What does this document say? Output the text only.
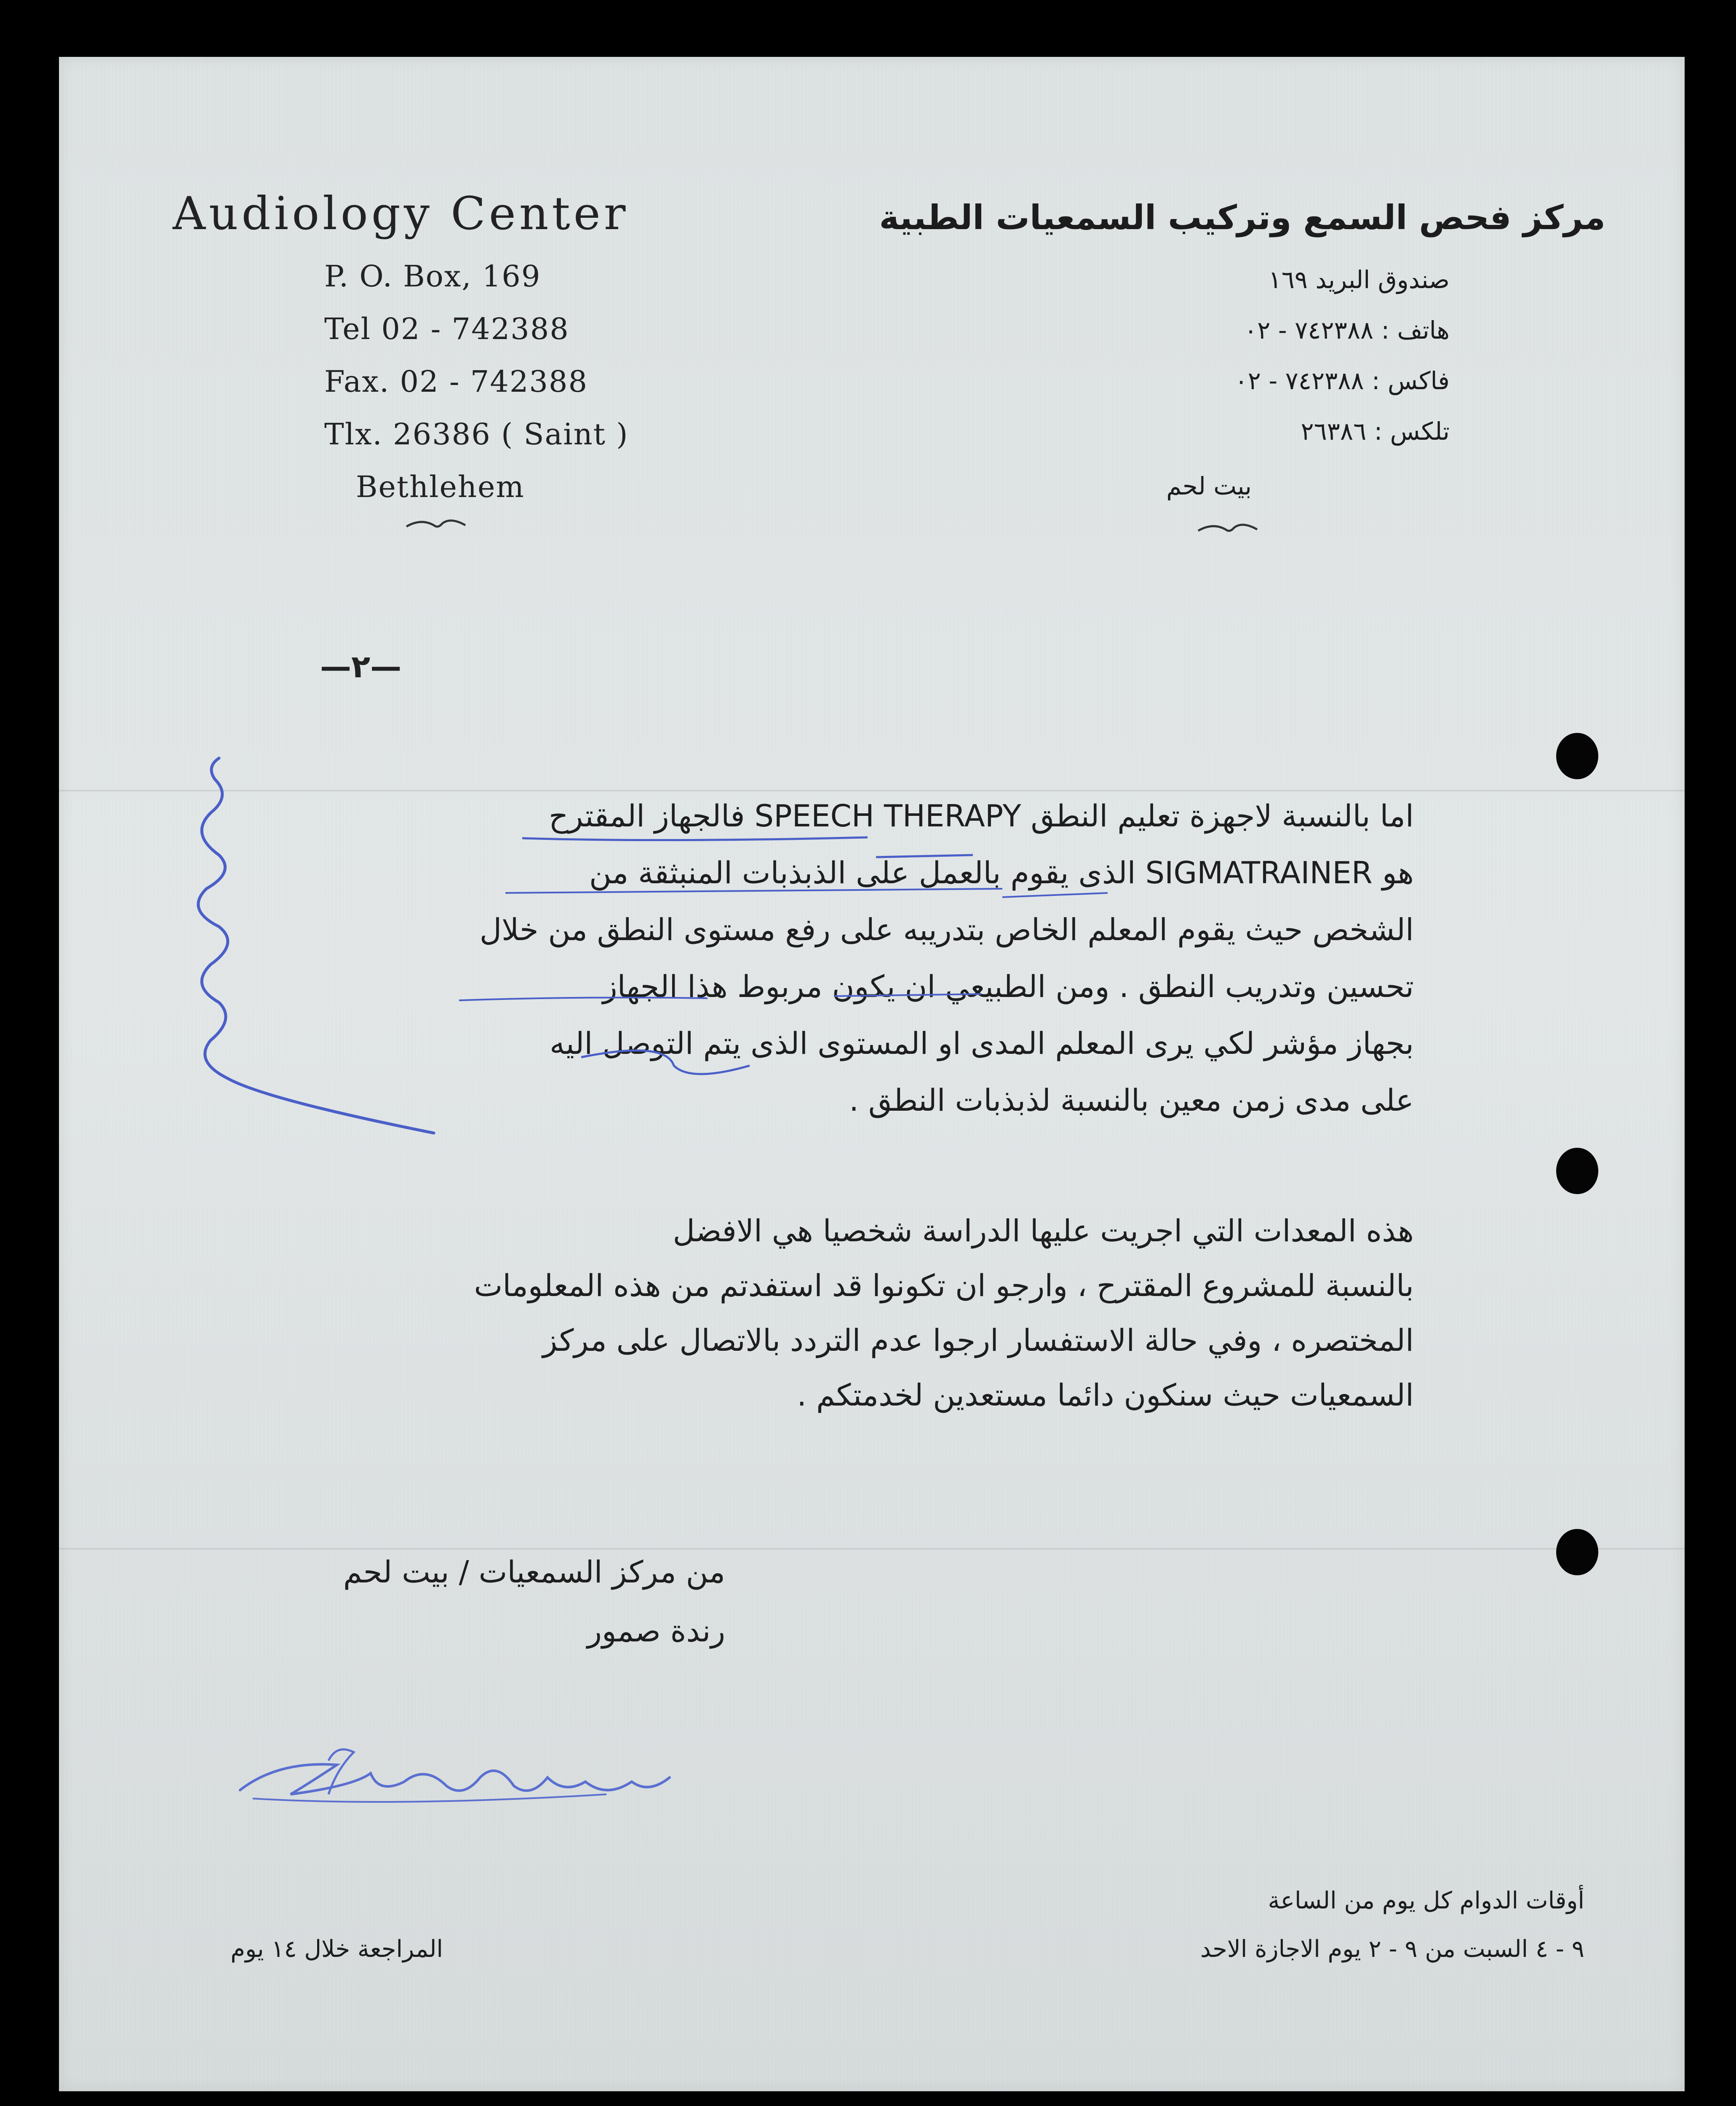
Audiology Center
P. O. Box, 169
Tel 02 - 742388
Fax. 02 - 742388
Tlx. 26386 ( Saint )
Bethlehem
مركز فحص السمع وتركيب السمعيات الطبية
صندوق البريد ١٦٩
هاتف : ٧٤٢٣٨٨ - ٠٢
فاكس : ٧٤٢٣٨٨ - ٠٢
تلكس : ٢٦٣٨٦
بيت لحم
—٢—
اما بالنسبة لاجهزة تعليم النطق SPEECH THERAPY فالجهاز المقترح
هو SIGMATRAINER الذى يقوم بالعمل على الذبذبات المنبثقة من
الشخص حيث يقوم المعلم الخاص بتدريبه على رفع مستوى النطق من خلال
تحسين وتدريب النطق . ومن الطبيعي ان يكون مربوط هذا الجهاز
بجهاز مؤشر لكي يرى المعلم المدى او المستوى الذى يتم التوصل اليه
على مدى زمن معين بالنسبة لذبذبات النطق .
هذه المعدات التي اجريت عليها الدراسة شخصيا هي الافضل
بالنسبة للمشروع المقترح ، وارجو ان تكونوا قد استفدتم من هذه المعلومات
المختصره ، وفي حالة الاستفسار ارجوا عدم التردد بالاتصال على مركز
السمعيات حيث سنكون دائما مستعدين لخدمتكم .
من مركز السمعيات / بيت لحم
رندة صمور
أوقات الدوام كل يوم من الساعة
٩ - ٤ السبت من ٩ - ٢ يوم الاجازة الاحد
المراجعة خلال ١٤ يوم
